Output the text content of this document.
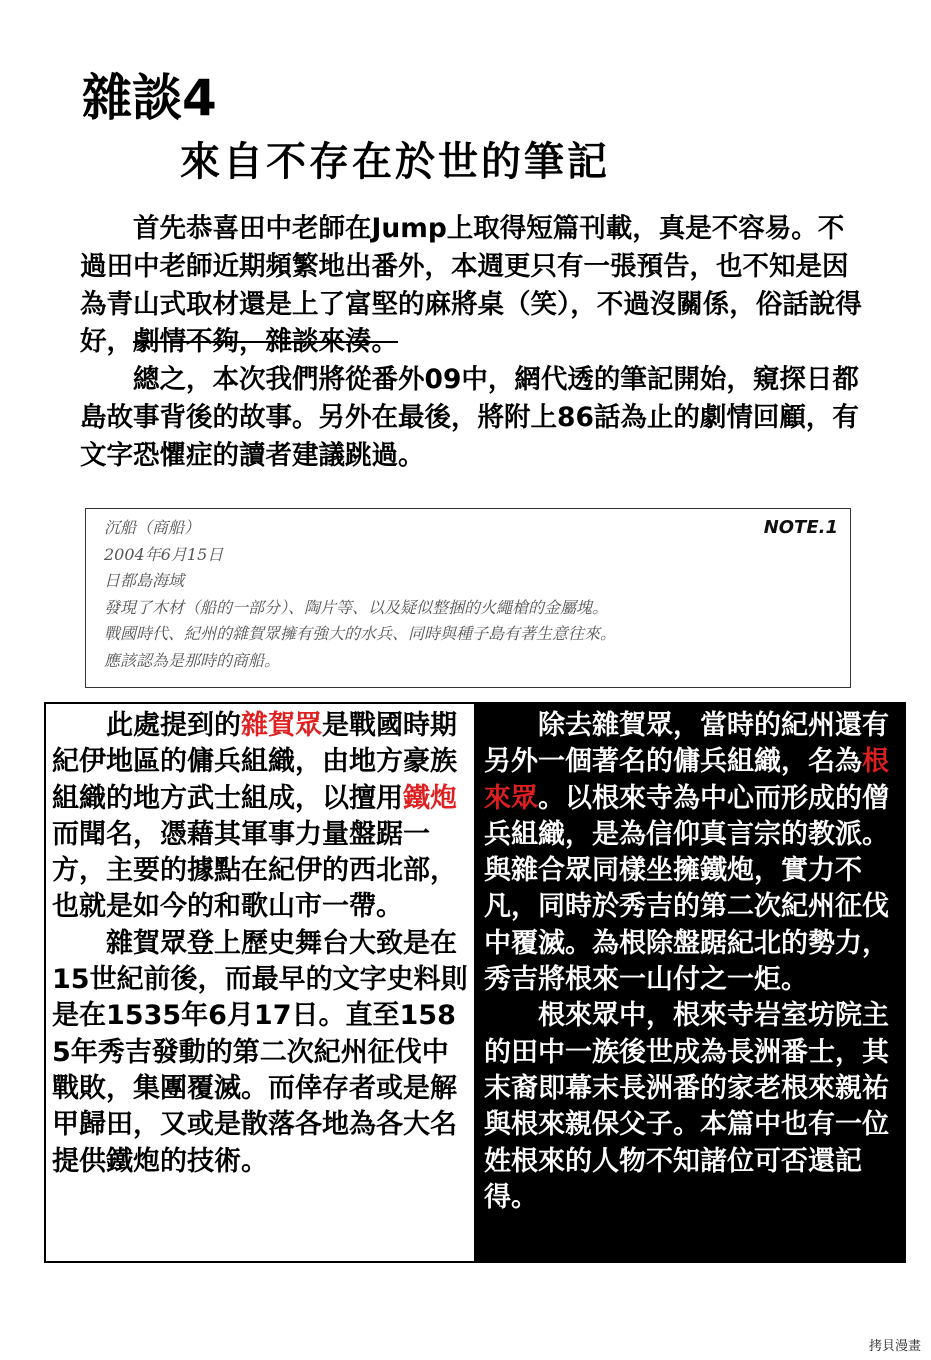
雜談4
來自不存在於世的筆記

首先恭喜田中老師在Jump上取得短篇刊載，真是不容易。不過田中老師近期頻繁地出番外，本週更只有一張預告，也不知是因為青山式取材還是上了富堅的麻將桌（笑），不過沒關係，俗話說得好，劇情不夠，雜談來湊。

總之，本次我們將從番外09中，網代透的筆記開始，窺探日都島故事背後的故事。另外在最後，將附上86話為止的劇情回顧，有文字恐懼症的讀者建議跳過。

NOTE.1
沉船（商船）
2004年6月15日
日都島海域
發現了木材（船的一部分）、陶片等、以及疑似整捆的火繩槍的金屬塊。
戰國時代、紀州的雜賀眾擁有強大的水兵、同時與種子島有著生意往來。
應該認為是那時的商船。

此處提到的雜賀眾是戰國時期紀伊地區的傭兵組織，由地方豪族組織的地方武士組成，以擅用鐵炮而聞名，憑藉其軍事力量盤踞一方，主要的據點在紀伊的西北部，也就是如今的和歌山市一帶。

雜賀眾登上歷史舞台大致是在15世紀前後，而最早的文字史料則是在1535年6月17日。直至1585年秀吉發動的第二次紀州征伐中戰敗，集團覆滅。而倖存者或是解甲歸田，又或是散落各地為各大名提供鐵炮的技術。

除去雜賀眾，當時的紀州還有另外一個著名的傭兵組織，名為根來眾。以根來寺為中心而形成的僧兵組織，是為信仰真言宗的教派。與雜合眾同樣坐擁鐵炮，實力不凡，同時於秀吉的第二次紀州征伐中覆滅。為根除盤踞紀北的勢力，秀吉將根來一山付之一炬。

根來眾中，根來寺岩室坊院主的田中一族後世成為長洲番士，其末裔即幕末長洲番的家老根來親祐與根來親保父子。本篇中也有一位姓根來的人物不知諸位可否還記得。

拷貝漫畫
